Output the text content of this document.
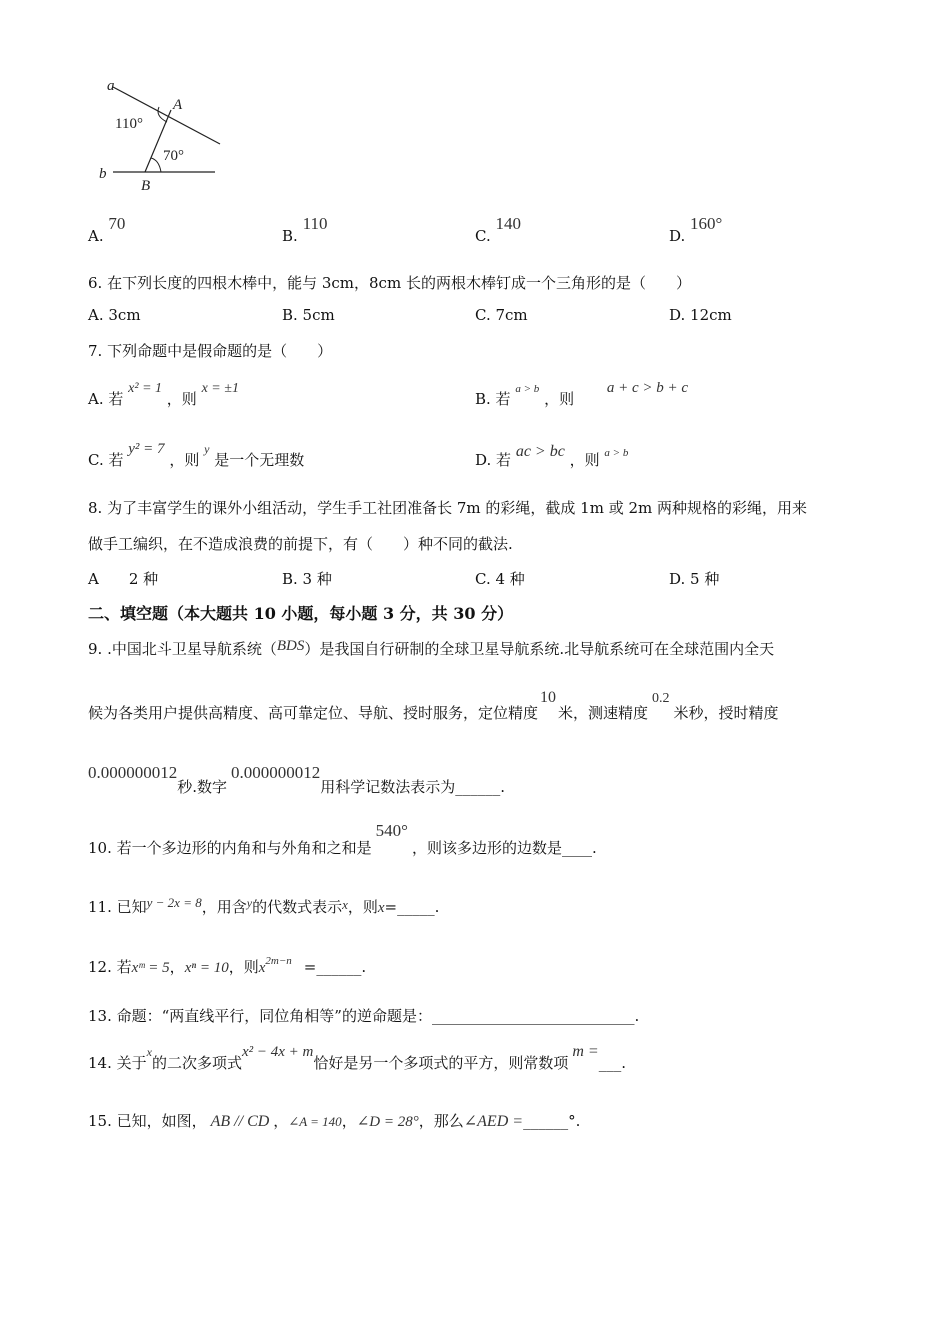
a
b
A
B
110°
70°
A. 70
B. 110
C. 140
D. 160°
6. 在下列长度的四根木棒中，能与 3cm，8cm 长的两根木棒钉成一个三角形的是（　　）
A. 3cm	B. 5cm	C. 7cm	D. 12cm
7. 下列命题中是假命题的是（　　）
A. 若 x² = 1 ，则 x = ±1
B. 若 a > b ，则 a + c > b + c
C. 若 y² = 7 ，则 y 是一个无理数	D. 若 ac > bc ，则 a > b
8. 为了丰富学生的课外小组活动，学生手工社团准备长 7m 的彩绳，截成 1m 或 2m 两种规格的彩绳，用来
做手工编织，在不造成浪费的前提下，有（　　）种不同的截法.
A　　2 种	B. 3 种	C. 4 种	D. 5 种
二、填空题（本大题共 10 小题，每小题 3 分，共 30 分）
9. .中国北斗卫星导航系统（BDS）是我国自行研制的全球卫星导航系统.北导航系统可在全球范围内全天
候为各类用户提供高精度、高可靠定位、导航、授时服务，定位精度10米，测速精度0.2米秒，授时精度
0.000000012秒.数字0.000000012用科学记数法表示为______.
10. 若一个多边形的内角和与外角和之和是540°，则该多边形的边数是____.
11. 已知y − 2x = 8，用含$^y$的代数式表示x，则x=_____.
12. 若xᵐ = 5，xⁿ = 10，则$x^{2m-n}$ =______.
13. 命题：“两直线平行，同位角相等”的逆命题是：___________________________.
14. 关于x的二次多项式x² − 4x + m恰好是另一个多项式的平方，则常数项m =___.
15. 已知，如图， AB // CD ，∠A = 140，∠D = 28°，那么∠AED =______°.
